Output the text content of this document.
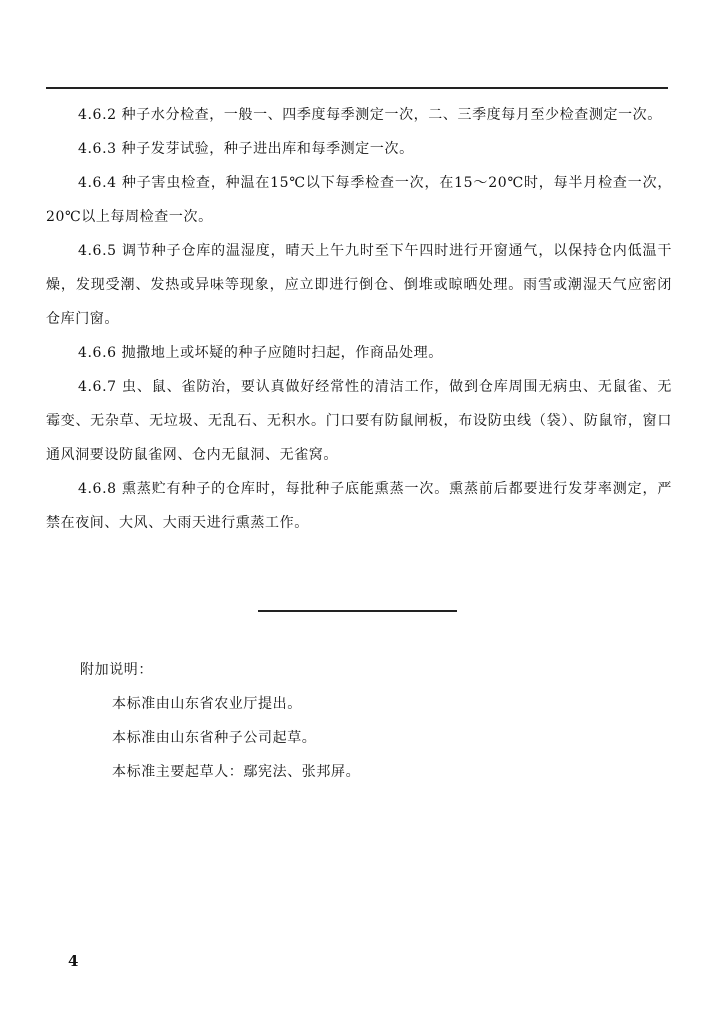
4.6.2 种子水分检查，一般一、四季度每季测定一次，二、三季度每月至少检查测定一次。

4.6.3 种子发芽试验，种子进出库和每季测定一次。

4.6.4 种子害虫检查，种温在15℃以下每季检查一次，在15～20℃时，每半月检查一次，20℃以上每周检查一次。

4.6.5 调节种子仓库的温湿度，晴天上午九时至下午四时进行开窗通气，以保持仓内低温干燥，发现受潮、发热或异味等现象，应立即进行倒仓、倒堆或晾晒处理。雨雪或潮湿天气应密闭仓库门窗。

4.6.6 抛撒地上或坏疑的种子应随时扫起，作商品处理。

4.6.7 虫、鼠、雀防治，要认真做好经常性的清洁工作，做到仓库周围无病虫、无鼠雀、无霉变、无杂草、无垃圾、无乱石、无积水。门口要有防鼠闸板，布设防虫线（袋）、防鼠帘，窗口通风洞要设防鼠雀网、仓内无鼠洞、无雀窝。

4.6.8 熏蒸贮有种子的仓库时，每批种子底能熏蒸一次。熏蒸前后都要进行发芽率测定，严禁在夜间、大风、大雨天进行熏蒸工作。

附加说明：

本标准由山东省农业厅提出。

本标准由山东省种子公司起草。

本标准主要起草人：鄢宪法、张邦屏。

4
